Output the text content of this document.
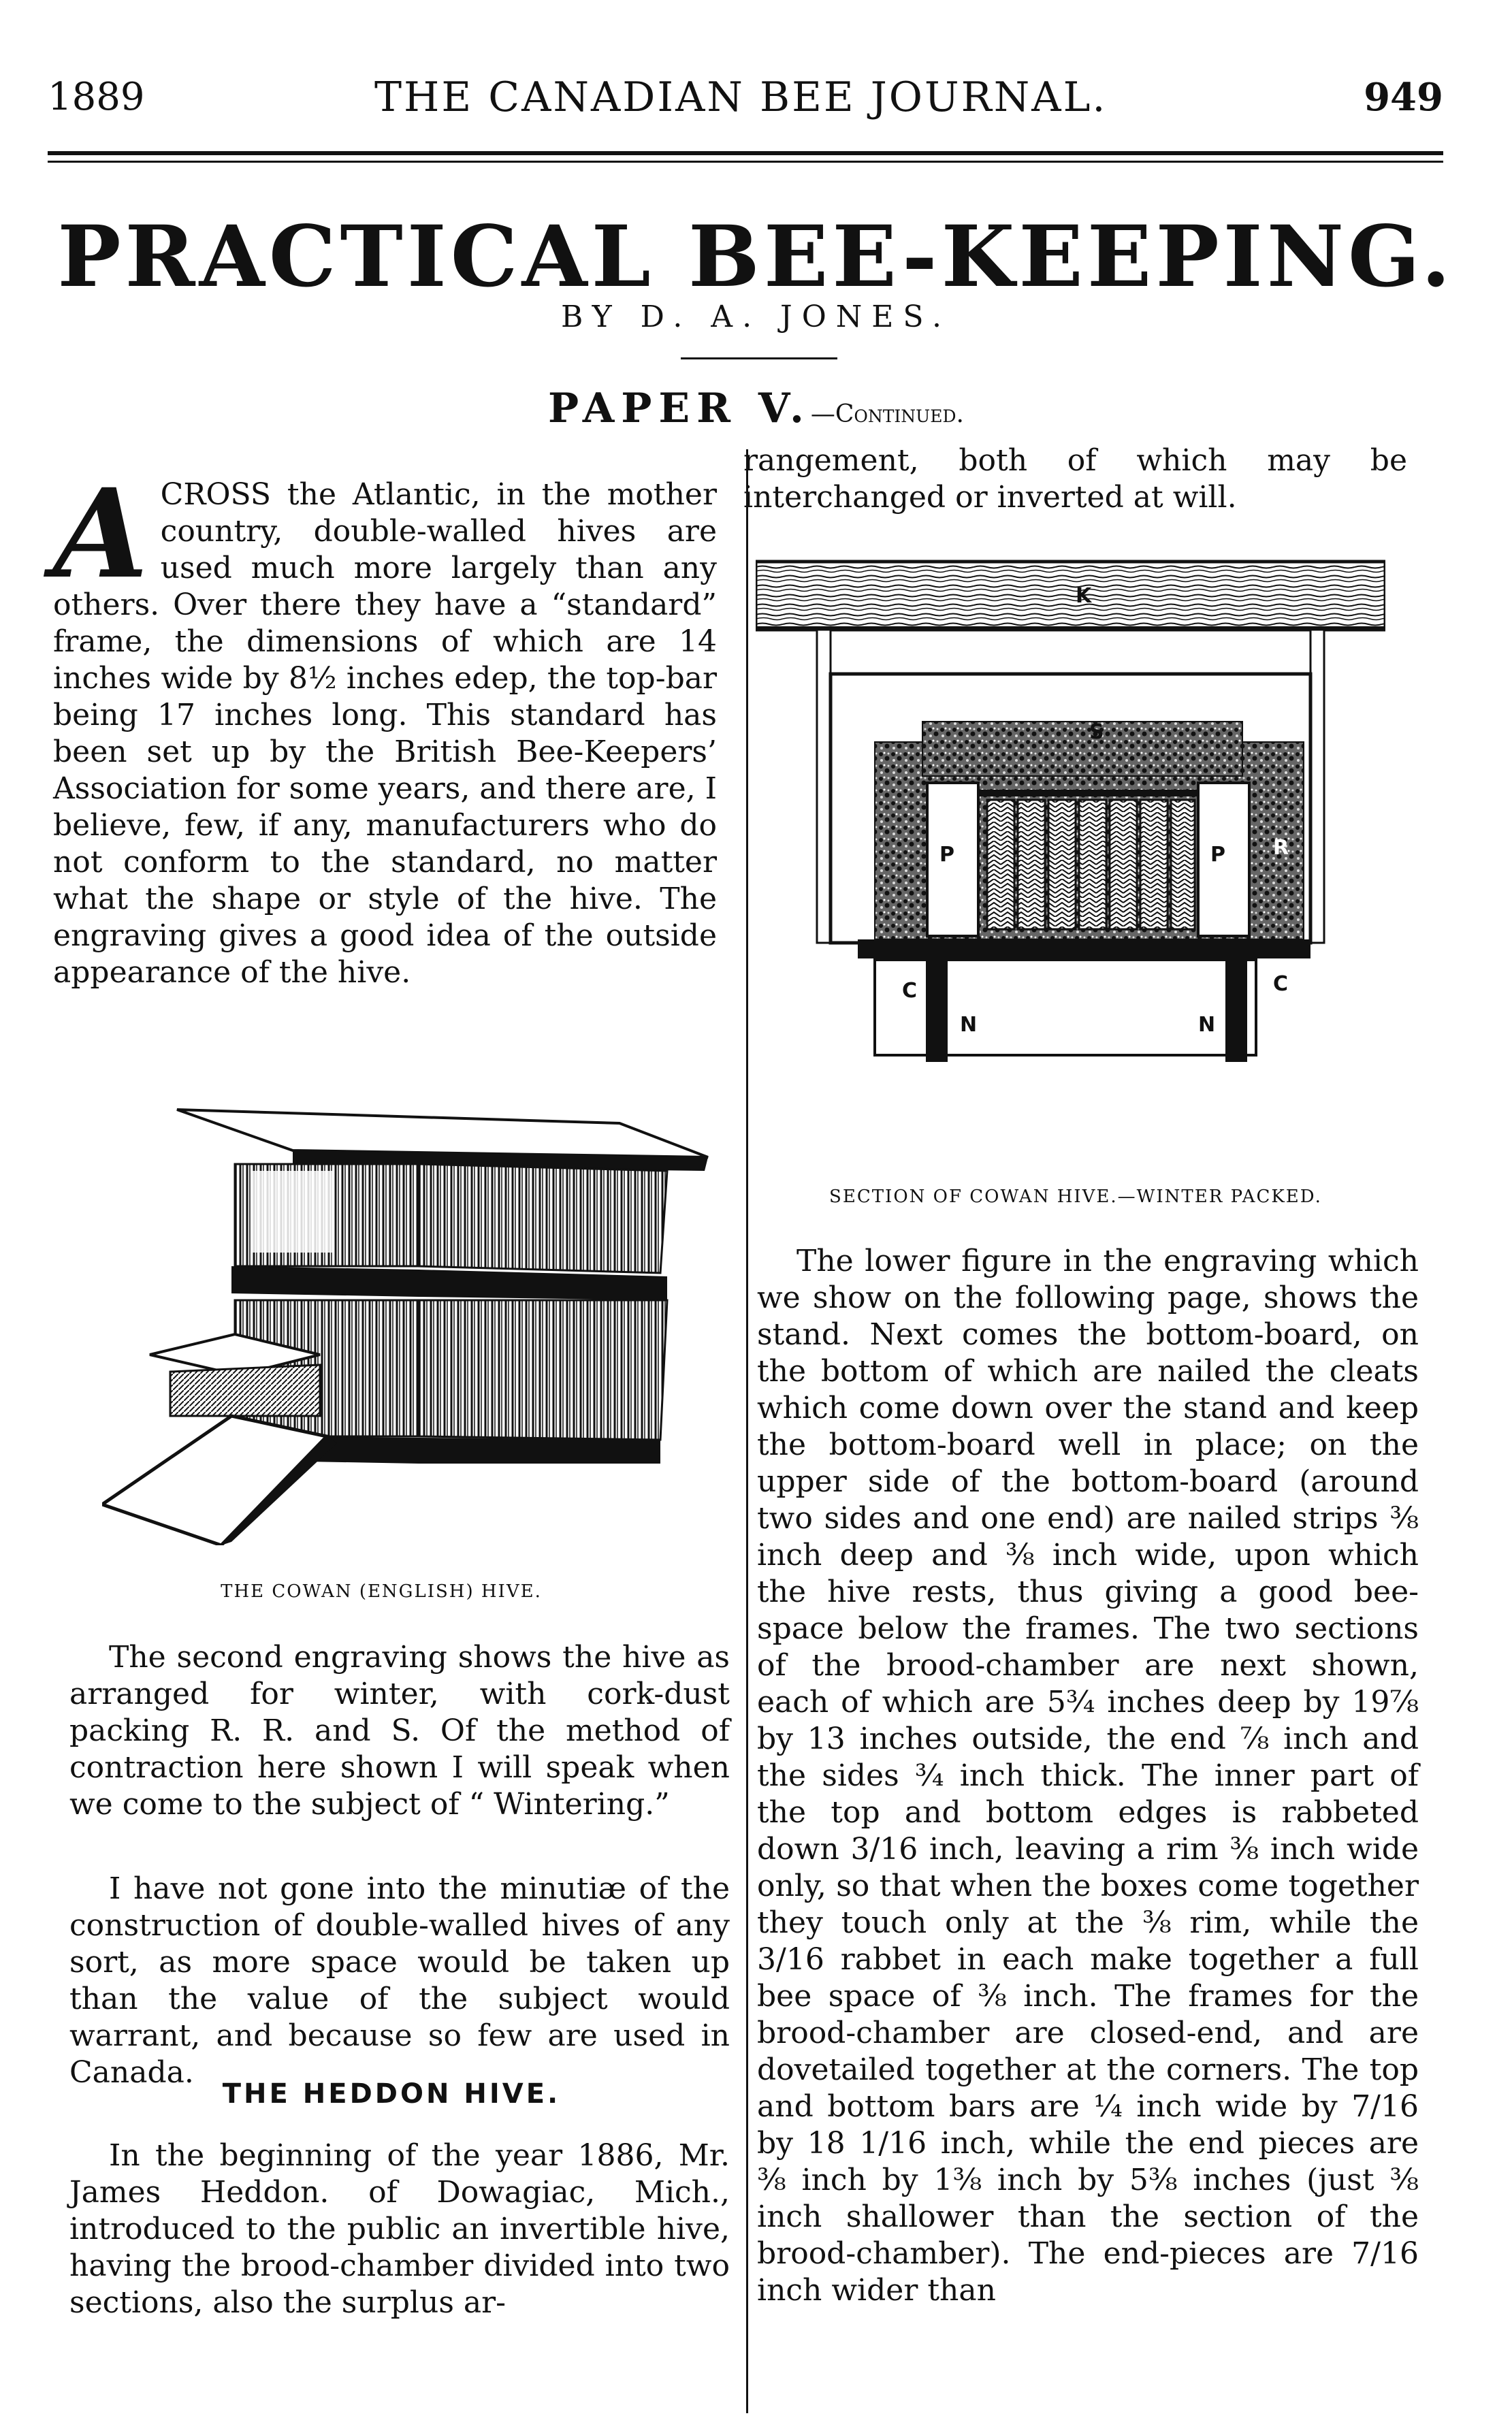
1889	THE CANADIAN BEE JOURNAL.	949
PRACTICAL BEE-KEEPING.
BY D. A. JONES.
PAPER V.—Continued.

ACROSS the Atlantic, in the mother country, double-walled hives are used much more largely than any others. Over there they have a “standard” frame, the dimensions of which are 14 inches wide by 8½ inches edep, the top-bar being 17 inches long. This standard has been set up by the British Bee-Keepers’ Association for some years, and there are, I believe, few, if any, manufacturers who do not conform to the standard, no matter what the shape or style of the hive. The engraving gives a good idea of the outside appearance of the hive.

THE COWAN (ENGLISH) HIVE.

The second engraving shows the hive as arranged for winter, with cork-dust packing R. R. and S. Of the method of contraction here shown I will speak when we come to the subject of “ Wintering.”

I have not gone into the minutiæ of the construction of double-walled hives of any sort, as more space would be taken up than the value of the subject would warrant, and because so few are used in Canada.

THE HEDDON HIVE.

In the beginning of the year 1886, Mr. James Heddon. of Dowagiac, Mich., introduced to the public an invertible hive, having the brood-chamber divided into two sections, also the surplus ar-

rangement, both of which may be interchanged or inverted at will.

K
S
P	P R
C	C
N	N
SECTION OF COWAN HIVE.—WINTER PACKED.

The lower figure in the engraving which we show on the following page, shows the stand. Next comes the bottom-board, on the bottom of which are nailed the cleats which come down over the stand and keep the bottom-board well in place; on the upper side of the bottom-board (around two sides and one end) are nailed strips ⅜ inch deep and ⅜ inch wide, upon which the hive rests, thus giving a good bee-space below the frames. The two sections of the brood-chamber are next shown, each of which are 5¾ inches deep by 19⅞ by 13 inches outside, the end ⅞ inch and the sides ¾ inch thick. The inner part of the top and bottom edges is rabbeted down 3/16 inch, leaving a rim ⅜ inch wide only, so that when the boxes come together they touch only at the ⅜ rim, while the 3/16 rabbet in each make together a full bee space of ⅜ inch. The frames for the brood-chamber are closed-end, and are dovetailed together at the corners. The top and bottom bars are ¼ inch wide by 7/16 by 18 1/16 inch, while the end pieces are ⅜ inch by 1⅜ inch by 5⅜ inches (just ⅜ inch shallower than the section of the brood-chamber). The end-pieces are 7/16 inch wider than
